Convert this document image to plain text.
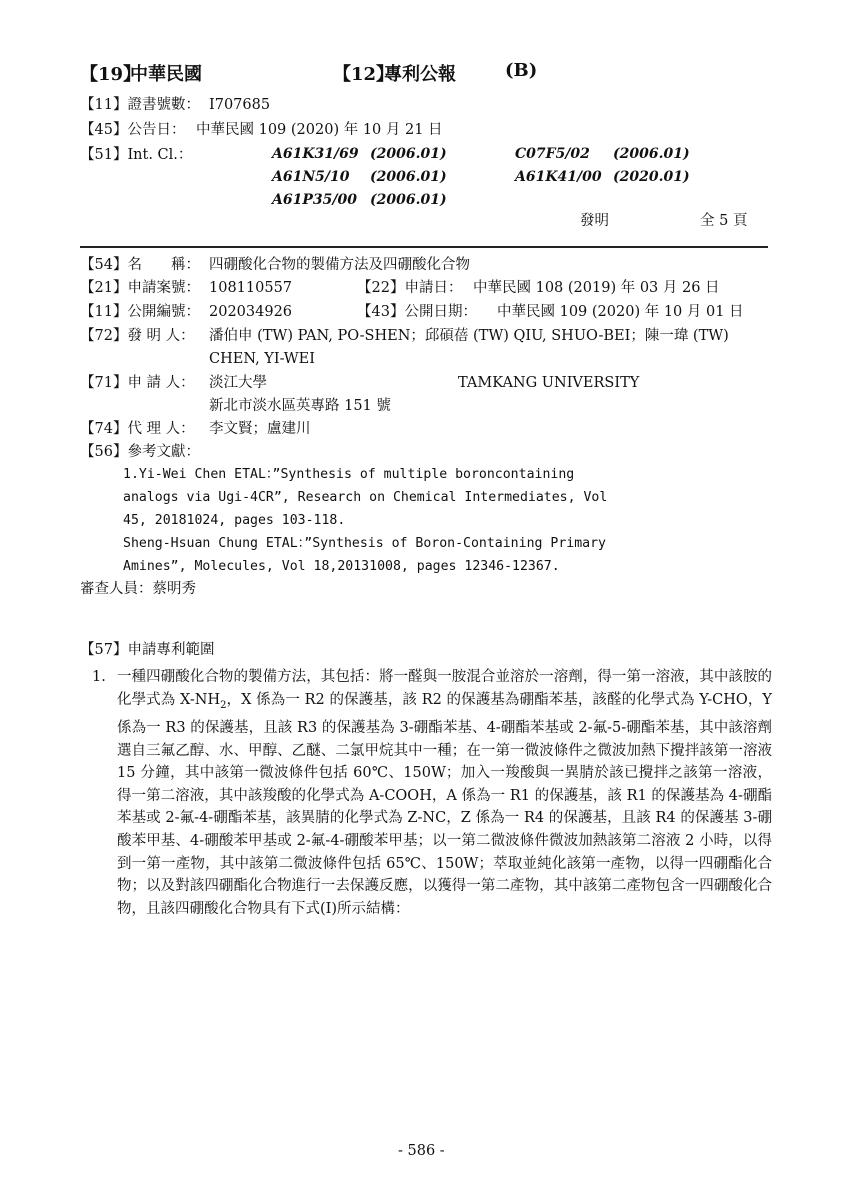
【19】
中華民國	【12】
專利公報	(B)
【11】證書號數： I707685
【45】公告日： 中華民國 109 (2020) 年 10 月 21 日
【51】Int. Cl.：	A61K31/69 (2006.01)	C07F5/02 (2006.01)
A61N5/10 (2006.01)	A61K41/00 (2020.01)
A61P35/00 (2006.01)
發明	全 5 頁
【54】名　　稱： 四硼酸化合物的製備方法及四硼酸化合物
【21】申請案號： 108110557	【22】申請日： 中華民國 108 (2019) 年 03 月 26 日
【11】公開編號： 202034926	【43】公開日期： 中華民國 109 (2020) 年 10 月 01 日
【72】發 明 人： 潘伯申 (TW) PAN, PO-SHEN；邱碩蓓 (TW) QIU, SHUO-BEI；陳一瑋 (TW)
CHEN, YI-WEI
【71】申 請 人： 淡江大學	TAMKANG UNIVERSITY
新北市淡水區英專路 151 號
【74】代 理 人： 李文賢；盧建川
【56】參考文獻：
1.Yi-Wei Chen ETAL：”Synthesis of multiple boroncontaining
analogs via Ugi-4CR”, Research on Chemical Intermediates, Vol
45, 20181024, pages 103-118.
Sheng-Hsuan Chung ETAL：”Synthesis of Boron-Containing Primary
Amines”, Molecules, Vol 18,20131008, pages 12346-12367.
審查人員：蔡明秀
【57】申請專利範圍
1. 一種四硼酸化合物的製備方法，其包括：將一醛與一胺混合並溶於一溶劑，得一第一溶液，其中該胺的化學式為 $X-NH_2$，X 係為一 R2 的保護基，該 R2 的保護基為硼酯苯基，該醛的化學式為 Y-CHO，Y 係為一 R3 的保護基，且該 R3 的保護基為 3-硼酯苯基、4-硼酯苯基或 2-氟-5-硼酯苯基，其中該溶劑選自三氟乙醇、水、甲醇、乙醚、二氯甲烷其中一種；在一第一微波條件之微波加熱下攪拌該第一溶液 15 分鐘，其中該第一微波條件包括 60℃、150W；加入一羧酸與一異腈於該已攪拌之該第一溶液，得一第二溶液，其中該羧酸的化學式為 A-COOH，A 係為一 R1 的保護基，該 R1 的保護基為 4-硼酯苯基或 2-氟-4-硼酯苯基，該異腈的化學式為 Z-NC，Z 係為一 R4 的保護基，且該 R4 的保護基 3-硼酸苯甲基、4-硼酸苯甲基或 2-氟-4-硼酸苯甲基；以一第二微波條件微波加熱該第二溶液 2 小時，以得到一第一產物，其中該第二微波條件包括 65℃、150W；萃取並純化該第一產物，以得一四硼酯化合物；以及對該四硼酯化合物進行一去保護反應，以獲得一第二產物，其中該第二產物包含一四硼酸化合物，且該四硼酸化合物具有下式(I)所示結構：
- 586 -
